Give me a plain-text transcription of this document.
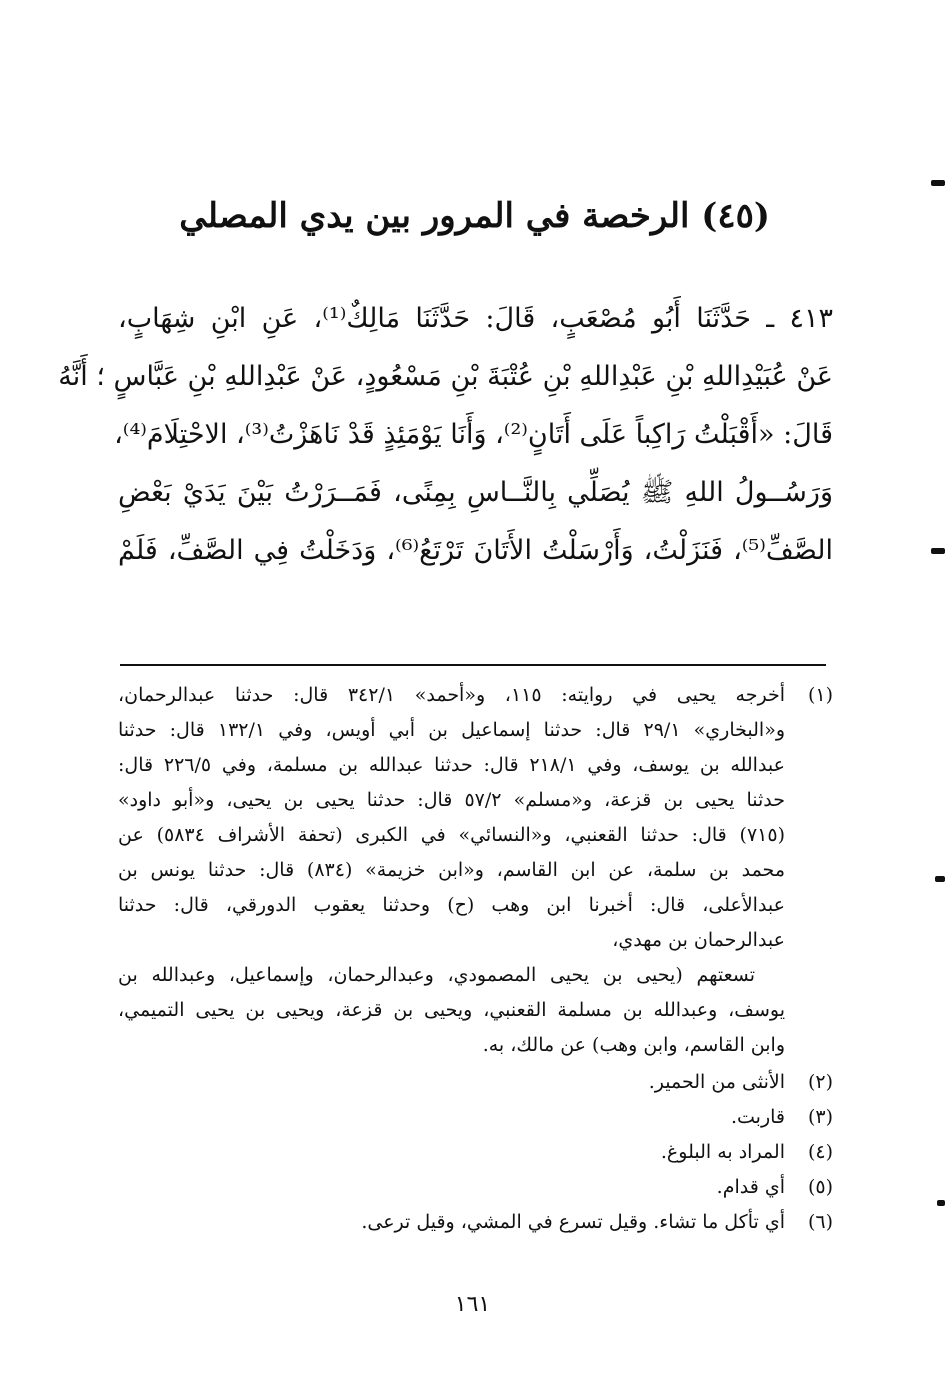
(٤٥) الرخصة في المرور بين يدي المصلي
٤١٣ ـ حَدَّثَنَا أَبُو مُصْعَبٍ، قَالَ: حَدَّثَنَا مَالِكٌ⁽¹⁾، عَنِ ابْنِ شِهَابٍ،
عَنْ عُبَيْدِاللهِ بْنِ عَبْدِاللهِ بْنِ عُتْبَةَ بْنِ مَسْعُودٍ، عَنْ عَبْدِاللهِ بْنِ عَبَّاسٍ ؛ أَنَّهُ
قَالَ: «أَقْبَلْتُ رَاكِباً عَلَى أَتَانٍ⁽²⁾، وَأَنَا يَوْمَئِذٍ قَدْ نَاهَزْتُ⁽³⁾، الاحْتِلَامَ⁽⁴⁾،
وَرَسُــولُ اللهِ ﷺ يُصَلِّي بِالنَّــاسِ بِمِنًى، فَمَــرَرْتُ بَيْنَ يَدَيْ بَعْضِ
الصَّفِّ⁽⁵⁾، فَنَزَلْتُ، وَأَرْسَلْتُ الأَتَانَ تَرْتَعُ⁽⁶⁾، وَدَخَلْتُ فِي الصَّفِّ، فَلَمْ
(١)
أخرجه يحيى في روايته: ١١٥، و«أحمد» ٣٤٢/١ قال: حدثنا عبدالرحمان،
و«البخاري» ٢٩/١ قال: حدثنا إسماعيل بن أبي أويس، وفي ١٣٢/١ قال: حدثنا
عبدالله بن يوسف، وفي ٢١٨/١ قال: حدثنا عبدالله بن مسلمة، وفي ٢٢٦/٥ قال:
حدثنا يحيى بن قزعة، و«مسلم» ٥٧/٢ قال: حدثنا يحيى بن يحيى، و«أبو داود»
(٧١٥) قال: حدثنا القعنبي، و«النسائي» في الكبرى (تحفة الأشراف ٥٨٣٤) عن
محمد بن سلمة، عن ابن القاسم، و«ابن خزيمة» (٨٣٤) قال: حدثنا يونس بن
عبدالأعلى، قال: أخبرنا ابن وهب (ح) وحدثنا يعقوب الدورقي، قال: حدثنا
عبدالرحمان بن مهدي،
تسعتهم (يحيى بن يحيى المصمودي، وعبدالرحمان، وإسماعيل، وعبدالله بن
يوسف، وعبدالله بن مسلمة القعنبي، ويحيى بن قزعة، ويحيى بن يحيى التميمي،
وابن القاسم، وابن وهب) عن مالك، به.
(٢)
الأنثى من الحمير.
(٣)
قاربت.
(٤)
المراد به البلوغ.
(٥)
أي قدام.
(٦)
أي تأكل ما تشاء. وقيل تسرع في المشي، وقيل ترعى.
١٦١
